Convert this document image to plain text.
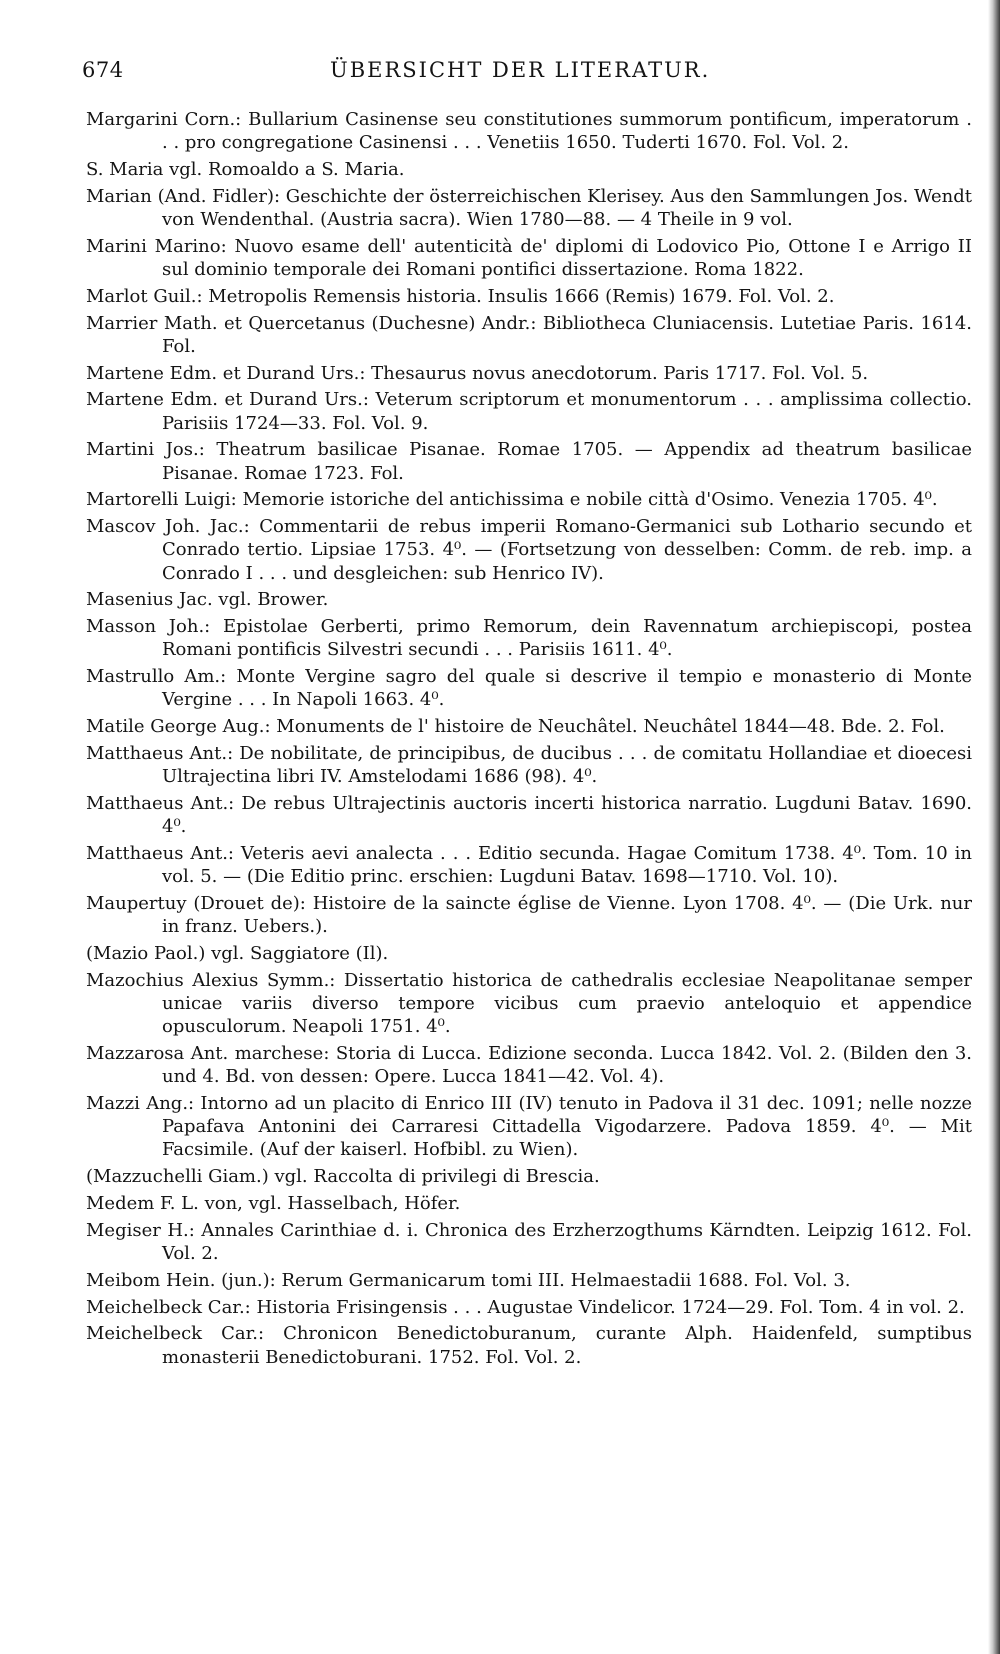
674	ÜBERSICHT DER LITERATUR.
Margarini Corn.: Bullarium Casinense seu constitutiones summorum pontificum, imperatorum . . . pro congregatione Casinensi . . . Venetiis 1650. Tuderti 1670. Fol. Vol. 2.
S. Maria vgl. Romoaldo a S. Maria.
Marian (And. Fidler): Geschichte der österreichischen Klerisey. Aus den Sammlungen Jos. Wendt von Wendenthal. (Austria sacra). Wien 1780—88. — 4 Theile in 9 vol.
Marini Marino: Nuovo esame dell' autenticità de' diplomi di Lodovico Pio, Ottone I e Arrigo II sul dominio temporale dei Romani pontifici dissertazione. Roma 1822.
Marlot Guil.: Metropolis Remensis historia. Insulis 1666 (Remis) 1679. Fol. Vol. 2.
Marrier Math. et Quercetanus (Duchesne) Andr.: Bibliotheca Cluniacensis. Lutetiae Paris. 1614. Fol.
Martene Edm. et Durand Urs.: Thesaurus novus anecdotorum. Paris 1717. Fol. Vol. 5.
Martene Edm. et Durand Urs.: Veterum scriptorum et monumentorum . . . amplissima collectio. Parisiis 1724—33. Fol. Vol. 9.
Martini Jos.: Theatrum basilicae Pisanae. Romae 1705. — Appendix ad theatrum basilicae Pisanae. Romae 1723. Fol.
Martorelli Luigi: Memorie istoriche del antichissima e nobile città d'Osimo. Venezia 1705. 4⁰.
Mascov Joh. Jac.: Commentarii de rebus imperii Romano-Germanici sub Lothario secundo et Conrado tertio. Lipsiae 1753. 4⁰. — (Fortsetzung von desselben: Comm. de reb. imp. a Conrado I . . . und desgleichen: sub Henrico IV).
Masenius Jac. vgl. Brower.
Masson Joh.: Epistolae Gerberti, primo Remorum, dein Ravennatum archiepiscopi, postea Romani pontificis Silvestri secundi . . . Parisiis 1611. 4⁰.
Mastrullo Am.: Monte Vergine sagro del quale si descrive il tempio e monasterio di Monte Vergine . . . In Napoli 1663. 4⁰.
Matile George Aug.: Monuments de l' histoire de Neuchâtel. Neuchâtel 1844—48. Bde. 2. Fol.
Matthaeus Ant.: De nobilitate, de principibus, de ducibus . . . de comitatu Hollandiae et dioecesi Ultrajectina libri IV. Amstelodami 1686 (98). 4⁰.
Matthaeus Ant.: De rebus Ultrajectinis auctoris incerti historica narratio. Lugduni Batav. 1690. 4⁰.
Matthaeus Ant.: Veteris aevi analecta . . . Editio secunda. Hagae Comitum 1738. 4⁰. Tom. 10 in vol. 5. — (Die Editio princ. erschien: Lugduni Batav. 1698—1710. Vol. 10).
Maupertuy (Drouet de): Histoire de la saincte église de Vienne. Lyon 1708. 4⁰. — (Die Urk. nur in franz. Uebers.).
(Mazio Paol.) vgl. Saggiatore (Il).
Mazochius Alexius Symm.: Dissertatio historica de cathedralis ecclesiae Neapolitanae semper unicae variis diverso tempore vicibus cum praevio anteloquio et appendice opusculorum. Neapoli 1751. 4⁰.
Mazzarosa Ant. marchese: Storia di Lucca. Edizione seconda. Lucca 1842. Vol. 2. (Bilden den 3. und 4. Bd. von dessen: Opere. Lucca 1841—42. Vol. 4).
Mazzi Ang.: Intorno ad un placito di Enrico III (IV) tenuto in Padova il 31 dec. 1091; nelle nozze Papafava Antonini dei Carraresi Cittadella Vigodarzere. Padova 1859. 4⁰. — Mit Facsimile. (Auf der kaiserl. Hofbibl. zu Wien).
(Mazzuchelli Giam.) vgl. Raccolta di privilegi di Brescia.
Medem F. L. von, vgl. Hasselbach, Höfer.
Megiser H.: Annales Carinthiae d. i. Chronica des Erzherzogthums Kärndten. Leipzig 1612. Fol. Vol. 2.
Meibom Hein. (jun.): Rerum Germanicarum tomi III. Helmaestadii 1688. Fol. Vol. 3.
Meichelbeck Car.: Historia Frisingensis . . . Augustae Vindelicor. 1724—29. Fol. Tom. 4 in vol. 2.
Meichelbeck Car.: Chronicon Benedictoburanum, curante Alph. Haidenfeld, sumptibus monasterii Benedictoburani. 1752. Fol. Vol. 2.
